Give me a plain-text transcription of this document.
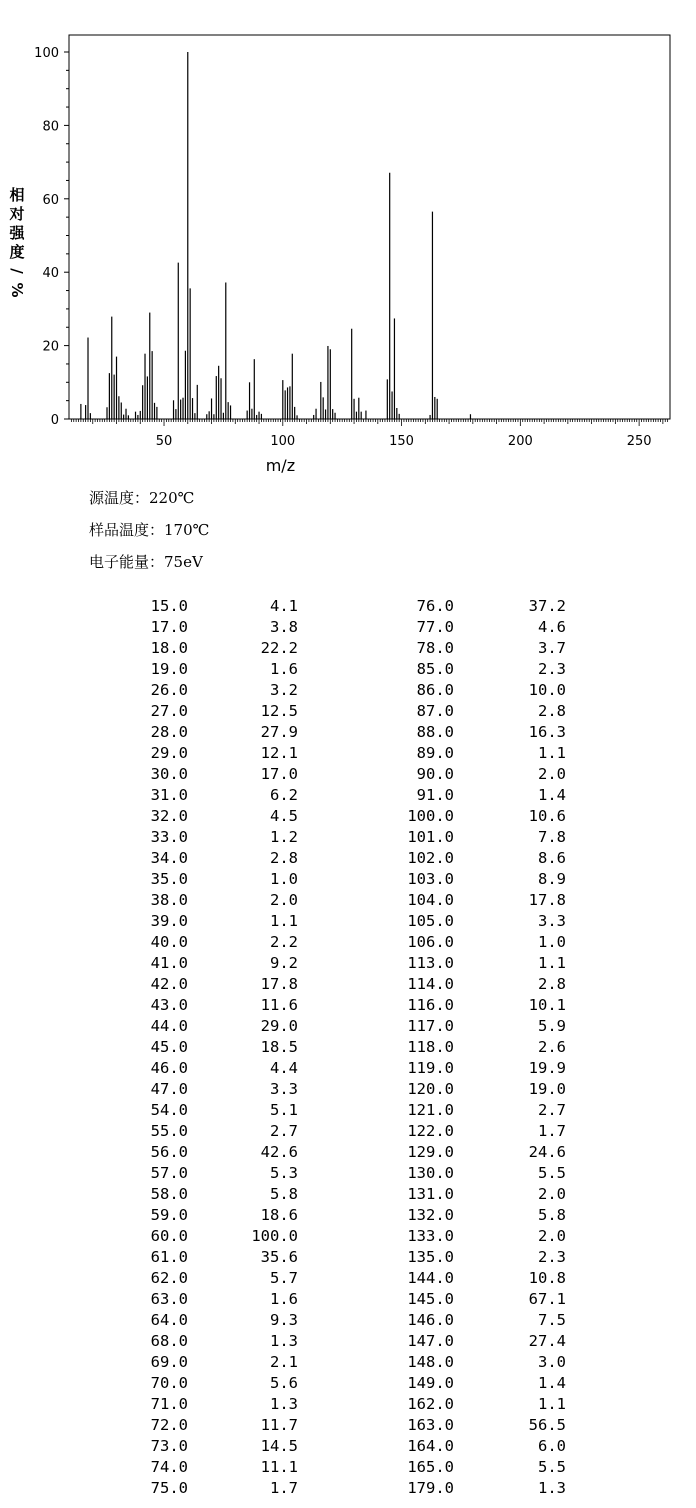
0
20
40
60
80
100
50	100	150	200	250
m/z
相
对
强
度
/
%
源温度：220℃
样品温度：170℃
电子能量：75eV
15.0	4.1	76.0	37.2
17.0	3.8	77.0	4.6
18.0	22.2	78.0	3.7
19.0	1.6	85.0	2.3
26.0	3.2	86.0	10.0
27.0	12.5	87.0	2.8
28.0	27.9	88.0	16.3
29.0	12.1	89.0	1.1
30.0	17.0	90.0	2.0
31.0	6.2	91.0	1.4
32.0	4.5	100.0	10.6
33.0	1.2	101.0	7.8
34.0	2.8	102.0	8.6
35.0	1.0	103.0	8.9
38.0	2.0	104.0	17.8
39.0	1.1	105.0	3.3
40.0	2.2	106.0	1.0
41.0	9.2	113.0	1.1
42.0	17.8	114.0	2.8
43.0	11.6	116.0	10.1
44.0	29.0	117.0	5.9
45.0	18.5	118.0	2.6
46.0	4.4	119.0	19.9
47.0	3.3	120.0	19.0
54.0	5.1	121.0	2.7
55.0	2.7	122.0	1.7
56.0	42.6	129.0	24.6
57.0	5.3	130.0	5.5
58.0	5.8	131.0	2.0
59.0	18.6	132.0	5.8
60.0	100.0	133.0	2.0
61.0	35.6	135.0	2.3
62.0	5.7	144.0	10.8
63.0	1.6	145.0	67.1
64.0	9.3	146.0	7.5
68.0	1.3	147.0	27.4
69.0	2.1	148.0	3.0
70.0	5.6	149.0	1.4
71.0	1.3	162.0	1.1
72.0	11.7	163.0	56.5
73.0	14.5	164.0	6.0
74.0	11.1	165.0	5.5
75.0	1.7	179.0	1.3
